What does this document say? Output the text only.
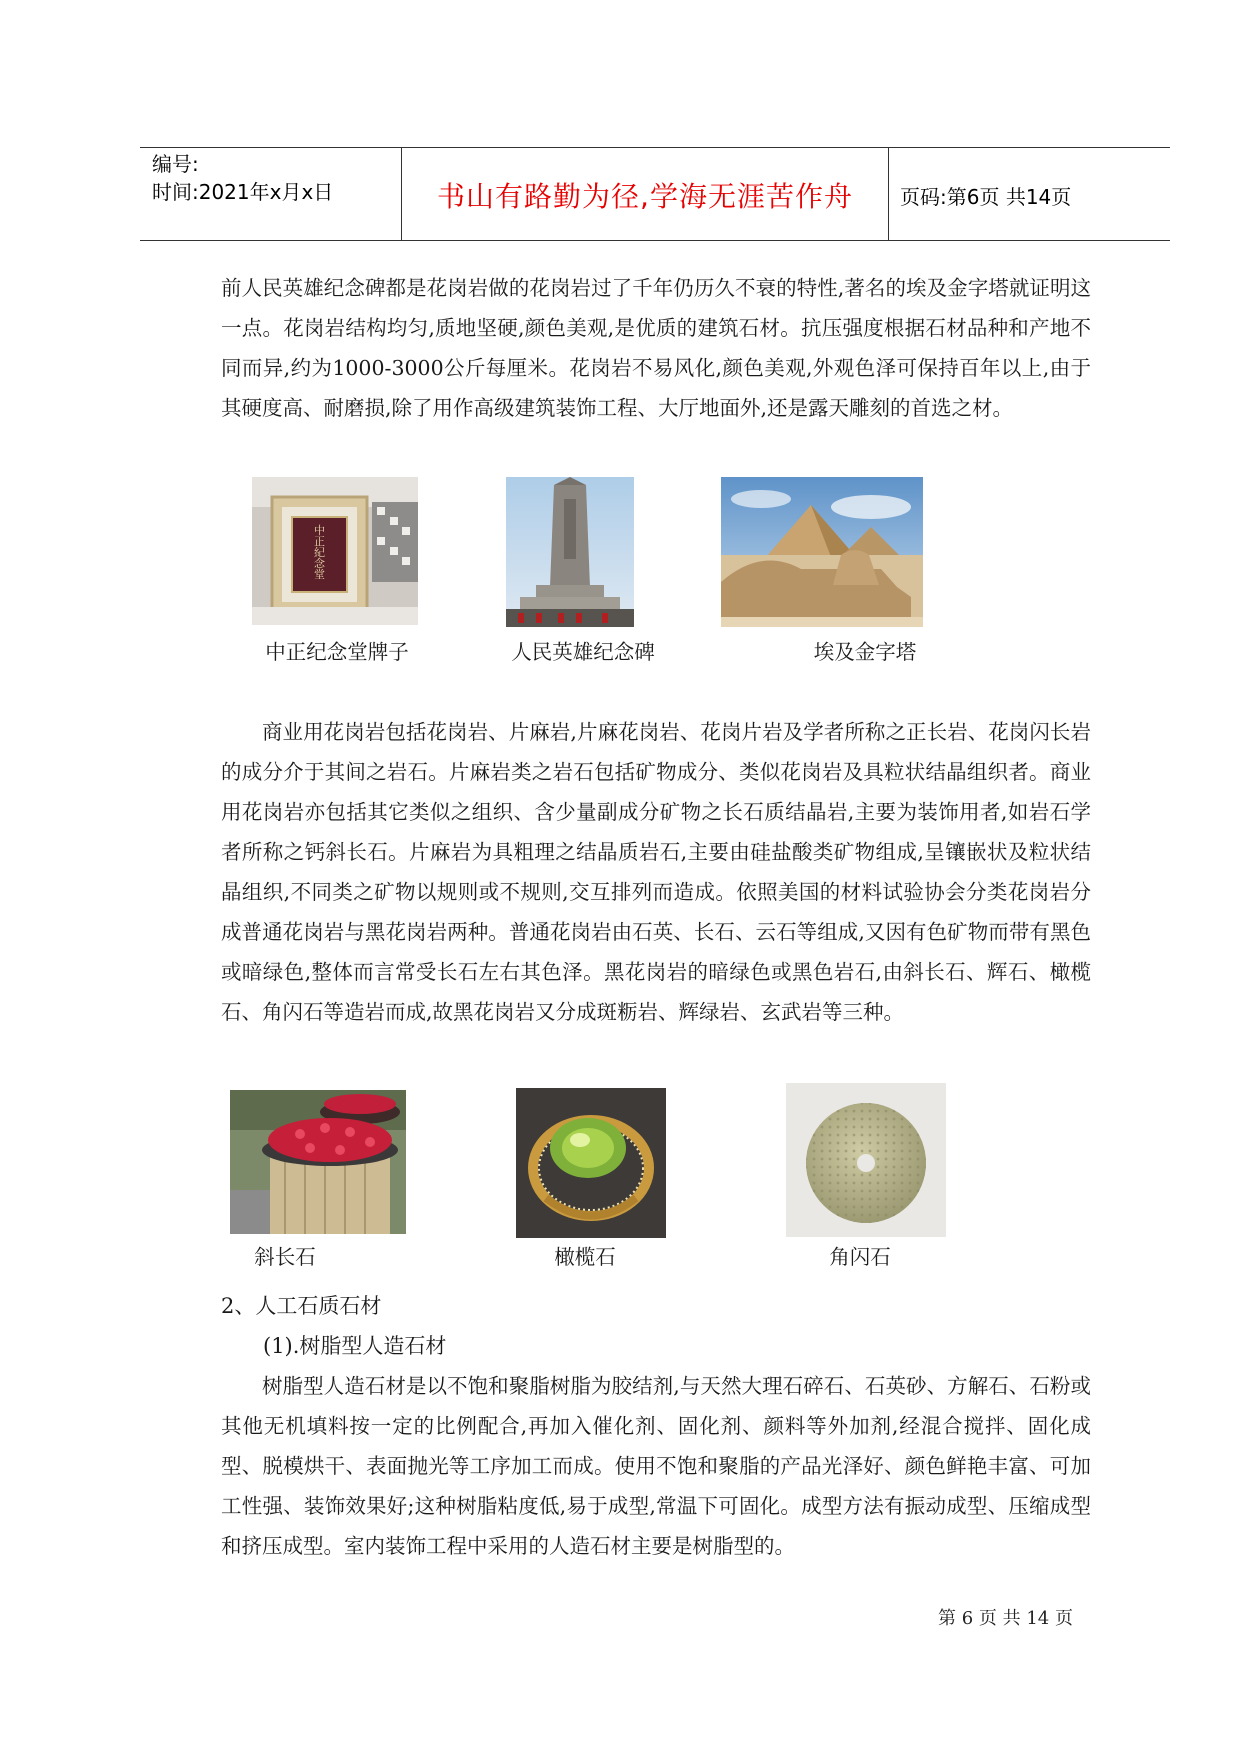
编号:
时间:2021年x月x日	书山有路勤为径,学海无涯苦作舟	页码:第6页 共14页

前人民英雄纪念碑都是花岗岩做的花岗岩过了千年仍历久不衰的特性,著名的埃及金字塔就证明这一点。花岗岩结构均匀,质地坚硬,颜色美观,是优质的建筑石材。抗压强度根据石材品种和产地不同而异,约为1000-3000公斤每厘米。花岗岩不易风化,颜色美观,外观色泽可保持百年以上,由于其硬度高、耐磨损,除了用作高级建筑装饰工程、大厅地面外,还是露天雕刻的首选之材。

中正紀念堂
中正纪念堂牌子	人民英雄纪念碑	埃及金字塔

商业用花岗岩包括花岗岩、片麻岩,片麻花岗岩、花岗片岩及学者所称之正长岩、花岗闪长岩的成分介于其间之岩石。片麻岩类之岩石包括矿物成分、类似花岗岩及具粒状结晶组织者。商业用花岗岩亦包括其它类似之组织、含少量副成分矿物之长石质结晶岩,主要为装饰用者,如岩石学者所称之钙斜长石。片麻岩为具粗理之结晶质岩石,主要由硅盐酸类矿物组成,呈镶嵌状及粒状结晶组织,不同类之矿物以规则或不规则,交互排列而造成。依照美国的材料试验协会分类花岗岩分成普通花岗岩与黑花岗岩两种。普通花岗岩由石英、长石、云石等组成,又因有色矿物而带有黑色或暗绿色,整体而言常受长石左右其色泽。黑花岗岩的暗绿色或黑色岩石,由斜长石、辉石、橄榄石、角闪石等造岩而成,故黑花岗岩又分成斑粝岩、辉绿岩、玄武岩等三种。

斜长石	橄榄石	角闪石
2、人工石质石材
(1).树脂型人造石材

树脂型人造石材是以不饱和聚脂树脂为胶结剂,与天然大理石碎石、石英砂、方解石、石粉或其他无机填料按一定的比例配合,再加入催化剂、固化剂、颜料等外加剂,经混合搅拌、固化成型、脱模烘干、表面抛光等工序加工而成。使用不饱和聚脂的产品光泽好、颜色鲜艳丰富、可加工性强、装饰效果好;这种树脂粘度低,易于成型,常温下可固化。成型方法有振动成型、压缩成型和挤压成型。室内装饰工程中采用的人造石材主要是树脂型的。

第 6 页 共 14 页
